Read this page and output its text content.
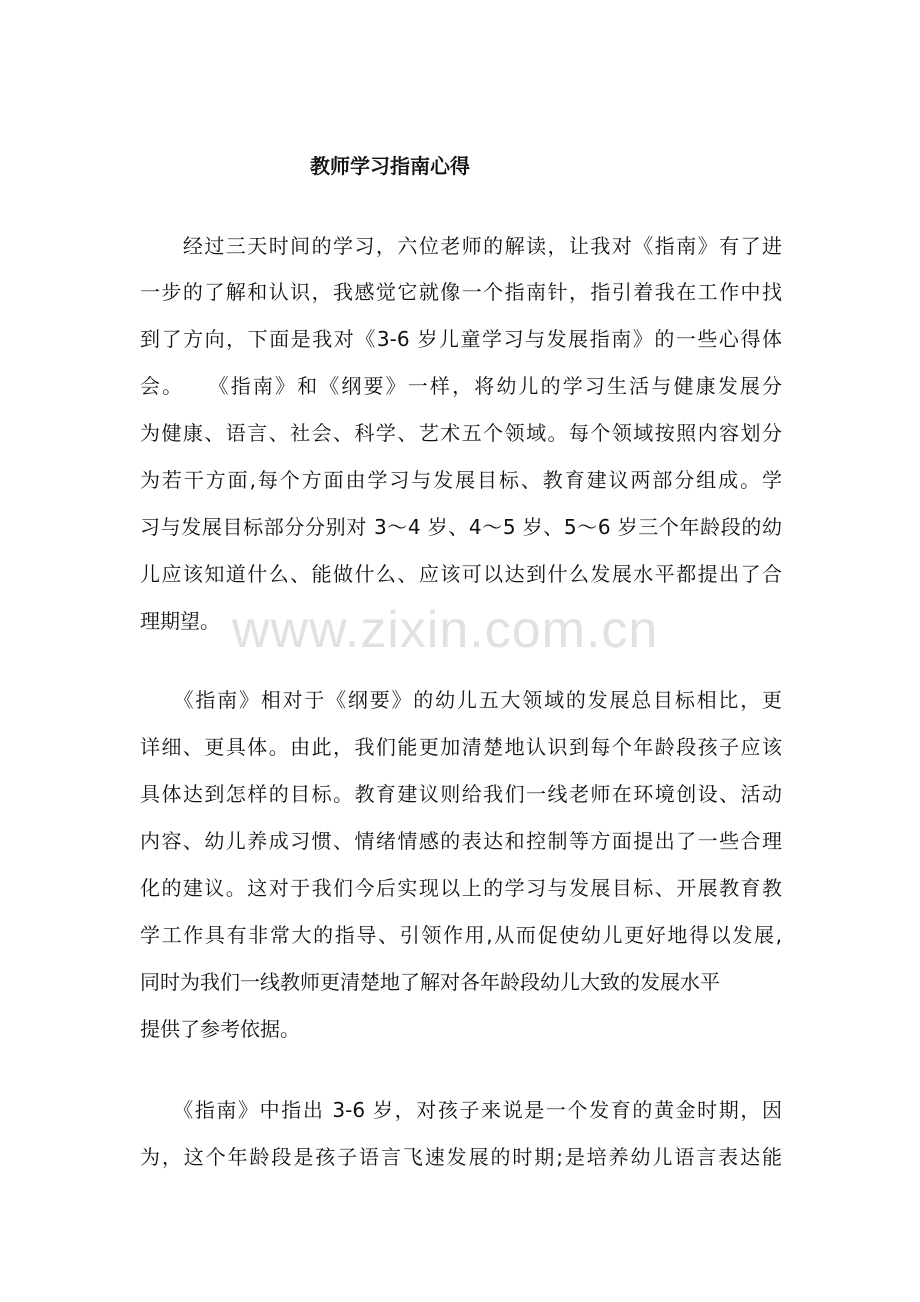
教师学习指南心得
　　经过三天时间的学习，六位老师的解读，让我对《指南》有了进
一步的了解和认识，我感觉它就像一个指南针，指引着我在工作中找
到了方向，下面是我对《3-6 岁儿童学习与发展指南》的一些心得体
会。　　《指南》和《纲要》一样，将幼儿的学习生活与健康发展分
为健康、语言、社会、科学、艺术五个领域。每个领域按照内容划分
为若干方面,每个方面由学习与发展目标、教育建议两部分组成。学
习与发展目标部分分别对 3～4 岁、4～5 岁、5～6 岁三个年龄段的幼
儿应该知道什么、能做什么、应该可以达到什么发展水平都提出了合
理期望。
　　《指南》相对于《纲要》的幼儿五大领域的发展总目标相比，更
详细、更具体。由此，我们能更加清楚地认识到每个年龄段孩子应该
具体达到怎样的目标。教育建议则给我们一线老师在环境创设、活动
内容、幼儿养成习惯、情绪情感的表达和控制等方面提出了一些合理
化的建议。这对于我们今后实现以上的学习与发展目标、开展教育教
学工作具有非常大的指导、引领作用,从而促使幼儿更好地得以发展,
同时为我们一线教师更清楚地了解对各年龄段幼儿大致的发展水平
提供了参考依据。
　　《指南》中指出 3-6 岁，对孩子来说是一个发育的黄金时期，因
为，这个年龄段是孩子语言飞速发展的时期;是培养幼儿语言表达能
www.zixin.com.cn
